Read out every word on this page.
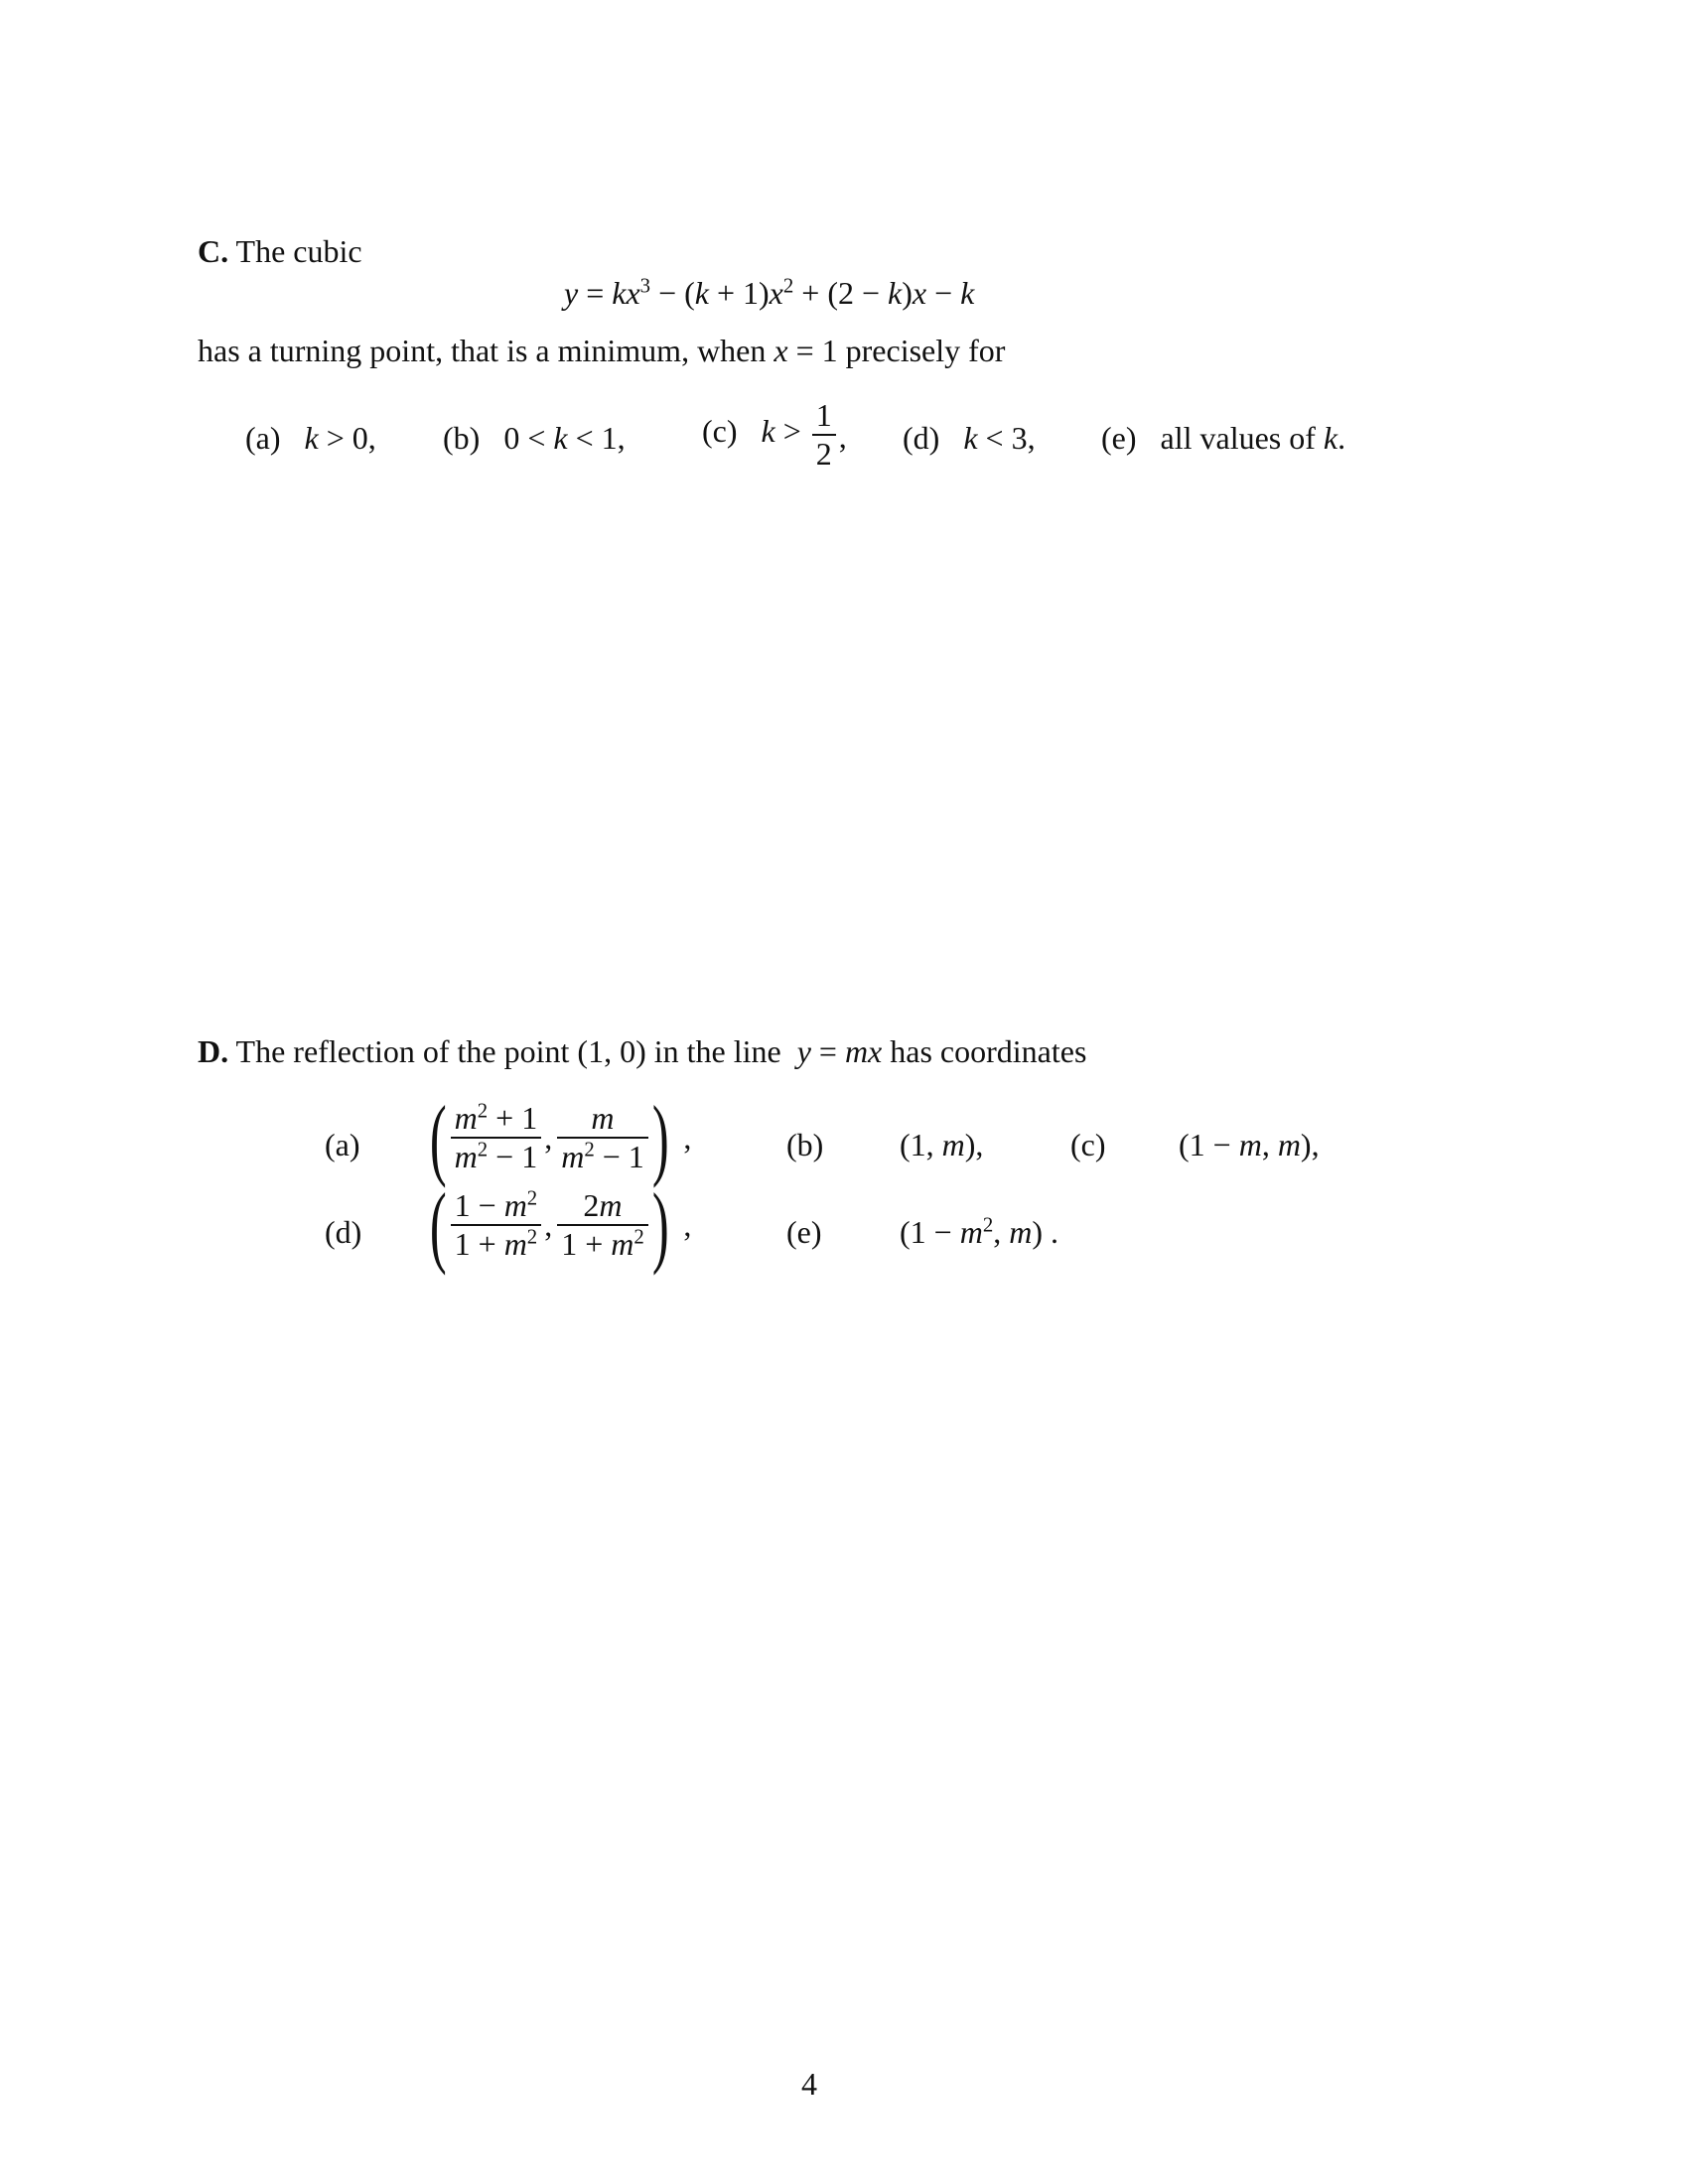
C. The cubic
$y = kx^3 - (k + 1)x^2 + (2 - k)x - k$
has a turning point, that is a minimum, when x = 1 precisely for
(a) k > 0, (b) 0 < k < 1, (c) $k > \frac{1}{2}$ , (d) k < 3, (e) all values of k.
D. The reflection of the point (1, 0) in the line y = mx has coordinates
(a) ( $\frac{m^2 + 1}{m^2 - 1}$ , $\frac{m}{m^2 - 1}$ ) ,	(b) (1, m),	(c) (1 − m, m),
(d) ( $\frac{1 - m^2}{1 + m^2}$ , $\frac{2m}{1 + m^2}$ ) ,	(e) ($1 - m^2$, m) .
4
